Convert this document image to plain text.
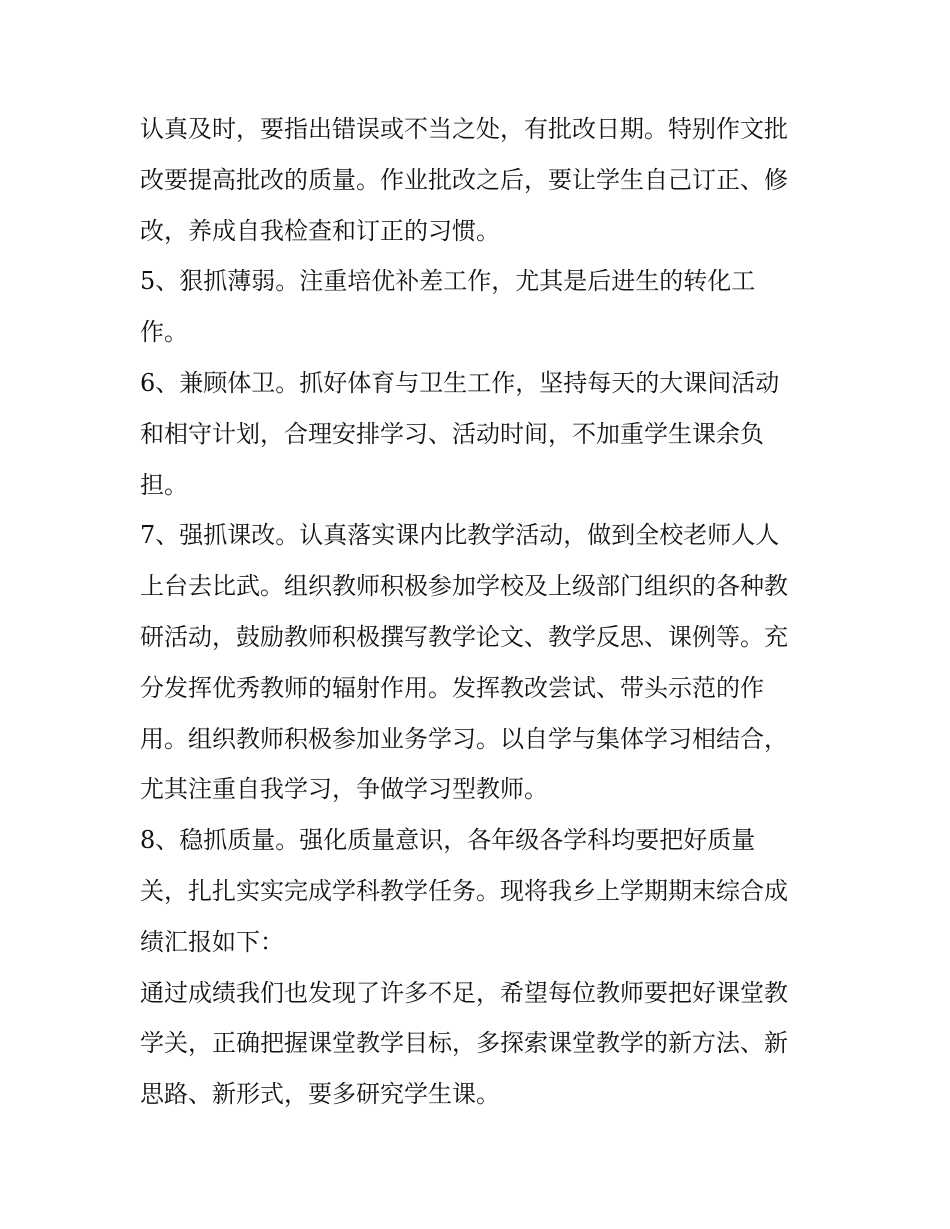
认真及时，要指出错误或不当之处，有批改日期。特别作文批
改要提高批改的质量。作业批改之后，要让学生自己订正、修
改，养成自我检查和订正的习惯。
5、狠抓薄弱。注重培优补差工作，尤其是后进生的转化工
作。
6、兼顾体卫。抓好体育与卫生工作，坚持每天的大课间活动
和相守计划，合理安排学习、活动时间，不加重学生课余负
担。
7、强抓课改。认真落实课内比教学活动，做到全校老师人人
上台去比武。组织教师积极参加学校及上级部门组织的各种教
研活动，鼓励教师积极撰写教学论文、教学反思、课例等。充
分发挥优秀教师的辐射作用。发挥教改尝试、带头示范的作
用。组织教师积极参加业务学习。以自学与集体学习相结合，
尤其注重自我学习，争做学习型教师。
8、稳抓质量。强化质量意识，各年级各学科均要把好质量
关，扎扎实实完成学科教学任务。现将我乡上学期期末综合成
绩汇报如下：
通过成绩我们也发现了许多不足，希望每位教师要把好课堂教
学关，正确把握课堂教学目标，多探索课堂教学的新方法、新
思路、新形式，要多研究学生课。
